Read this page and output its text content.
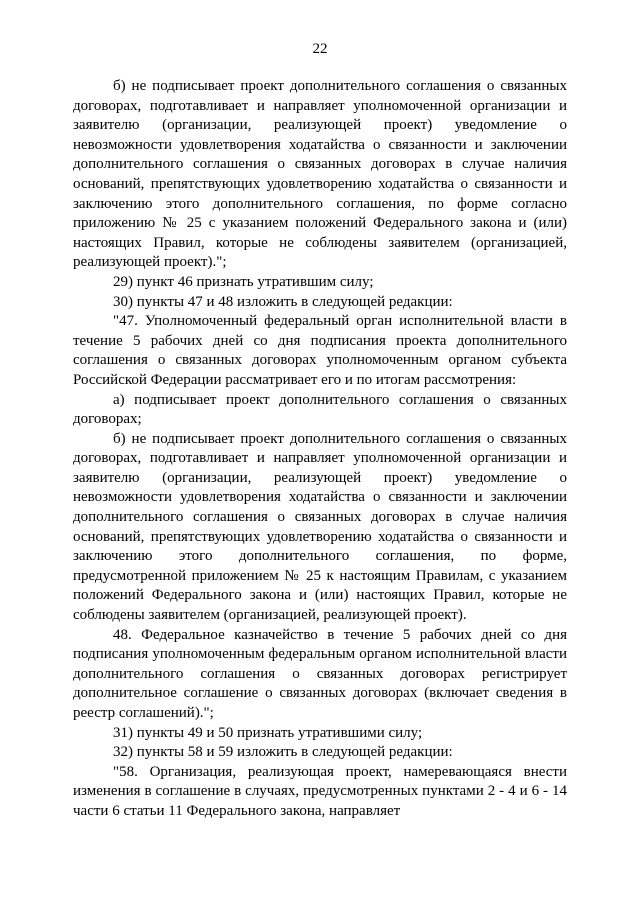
22

б) не подписывает проект дополнительного соглашения о связанных договорах, подготавливает и направляет уполномоченной организации и заявителю (организации, реализующей проект) уведомление о невозможности удовлетворения ходатайства о связанности и заключении дополнительного соглашения о связанных договорах в случае наличия оснований, препятствующих удовлетворению ходатайства о связанности и заключению этого дополнительного соглашения, по форме согласно приложению № 25 с указанием положений Федерального закона и (или) настоящих Правил, которые не соблюдены заявителем (организацией, реализующей проект).";

29) пункт 46 признать утратившим силу;

30) пункты 47 и 48 изложить в следующей редакции:

"47. Уполномоченный федеральный орган исполнительной власти в течение 5 рабочих дней со дня подписания проекта дополнительного соглашения о связанных договорах уполномоченным органом субъекта Российской Федерации рассматривает его и по итогам рассмотрения:

а) подписывает проект дополнительного соглашения о связанных договорах;

б) не подписывает проект дополнительного соглашения о связанных договорах, подготавливает и направляет уполномоченной организации и заявителю (организации, реализующей проект) уведомление о невозможности удовлетворения ходатайства о связанности и заключении дополнительного соглашения о связанных договорах в случае наличия оснований, препятствующих удовлетворению ходатайства о связанности и заключению этого дополнительного соглашения, по форме, предусмотренной приложением № 25 к настоящим Правилам, с указанием положений Федерального закона и (или) настоящих Правил, которые не соблюдены заявителем (организацией, реализующей проект).

48. Федеральное казначейство в течение 5 рабочих дней со дня подписания уполномоченным федеральным органом исполнительной власти дополнительного соглашения о связанных договорах регистрирует дополнительное соглашение о связанных договорах (включает сведения в реестр соглашений).";

31) пункты 49 и 50 признать утратившими силу;

32) пункты 58 и 59 изложить в следующей редакции:

"58. Организация, реализующая проект, намеревающаяся внести изменения в соглашение в случаях, предусмотренных пунктами 2 - 4 и 6 - 14 части 6 статьи 11 Федерального закона, направляет
